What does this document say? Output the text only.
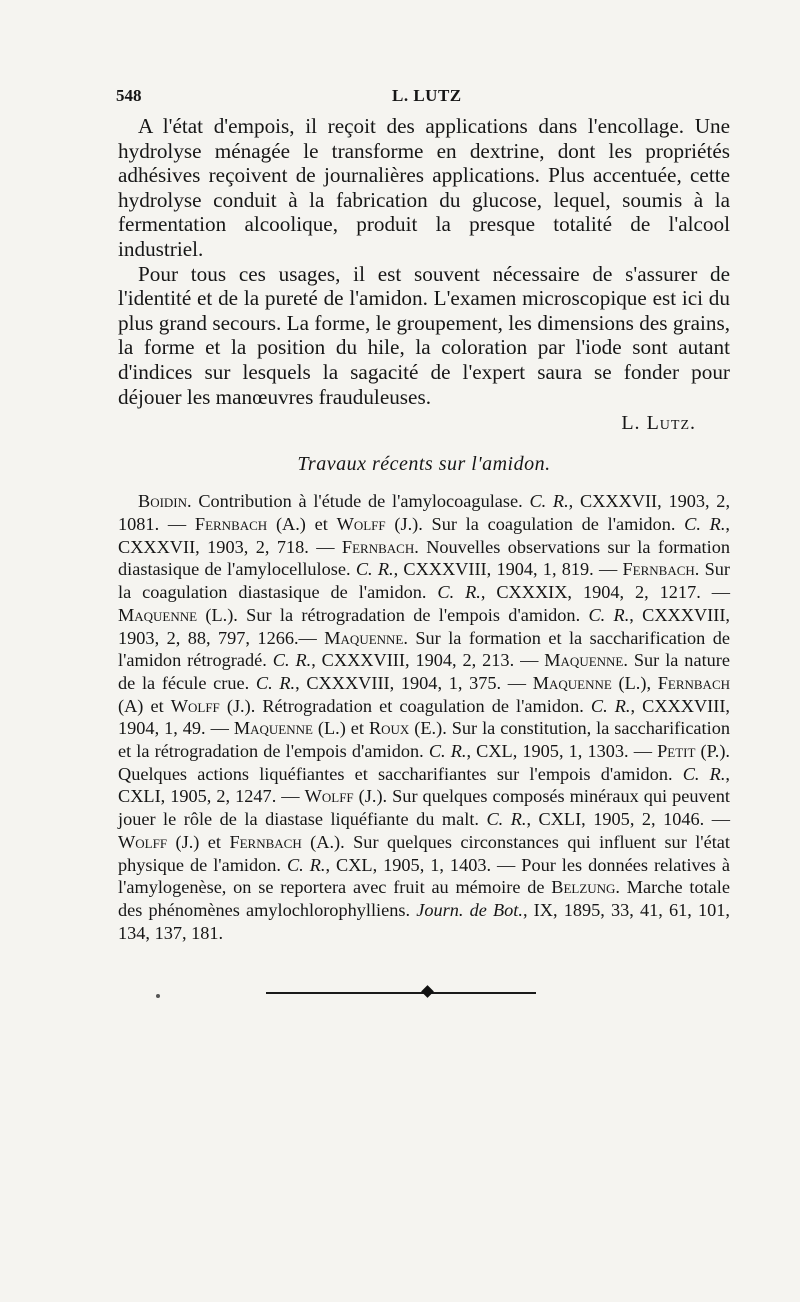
548	L. LUTZ

A l'état d'empois, il reçoit des applications dans l'encollage. Une hydrolyse ménagée le transforme en dextrine, dont les propriétés adhésives reçoivent de journalières applications. Plus accentuée, cette hydrolyse conduit à la fabrication du glucose, lequel, soumis à la fermentation alcoolique, produit la presque totalité de l'alcool industriel.

Pour tous ces usages, il est souvent nécessaire de s'assurer de l'identité et de la pureté de l'amidon. L'examen microscopique est ici du plus grand secours. La forme, le groupement, les dimensions des grains, la forme et la position du hile, la coloration par l'iode sont autant d'indices sur lesquels la sagacité de l'expert saura se fonder pour déjouer les manœuvres frauduleuses.

L. Lutz.
Travaux récents sur l'amidon.

Boidin. Contribution à l'étude de l'amylocoagulase. C. R., CXXXVII, 1903, 2, 1081. — Fernbach (A.) et Wolff (J.). Sur la coagulation de l'amidon. C. R., CXXXVII, 1903, 2, 718. — Fernbach. Nouvelles observations sur la formation diastasique de l'amylocellulose. C. R., CXXXVIII, 1904, 1, 819. — Fernbach. Sur la coagulation diastasique de l'amidon. C. R., CXXXIX, 1904, 2, 1217. — Maquenne (L.). Sur la rétrogradation de l'empois d'amidon. C. R., CXXXVIII, 1903, 2, 88, 797, 1266.— Maquenne. Sur la formation et la saccharification de l'amidon rétrogradé. C. R., CXXXVIII, 1904, 2, 213. — Maquenne. Sur la nature de la fécule crue. C. R., CXXXVIII, 1904, 1, 375. — Maquenne (L.), Fernbach (A) et Wolff (J.). Rétrogradation et coagulation de l'amidon. C. R., CXXXVIII, 1904, 1, 49. — Maquenne (L.) et Roux (E.). Sur la constitution, la saccharification et la rétrogradation de l'empois d'amidon. C. R., CXL, 1905, 1, 1303. — Petit (P.). Quelques actions liquéfiantes et saccharifiantes sur l'empois d'amidon. C. R., CXLI, 1905, 2, 1247. — Wolff (J.). Sur quelques composés minéraux qui peuvent jouer le rôle de la diastase liquéfiante du malt. C. R., CXLI, 1905, 2, 1046. — Wolff (J.) et Fernbach (A.). Sur quelques circonstances qui influent sur l'état physique de l'amidon. C. R., CXL, 1905, 1, 1403. — Pour les données relatives à l'amylogenèse, on se reportera avec fruit au mémoire de Belzung. Marche totale des phénomènes amylochlorophylliens. Journ. de Bot., IX, 1895, 33, 41, 61, 101, 134, 137, 181.
